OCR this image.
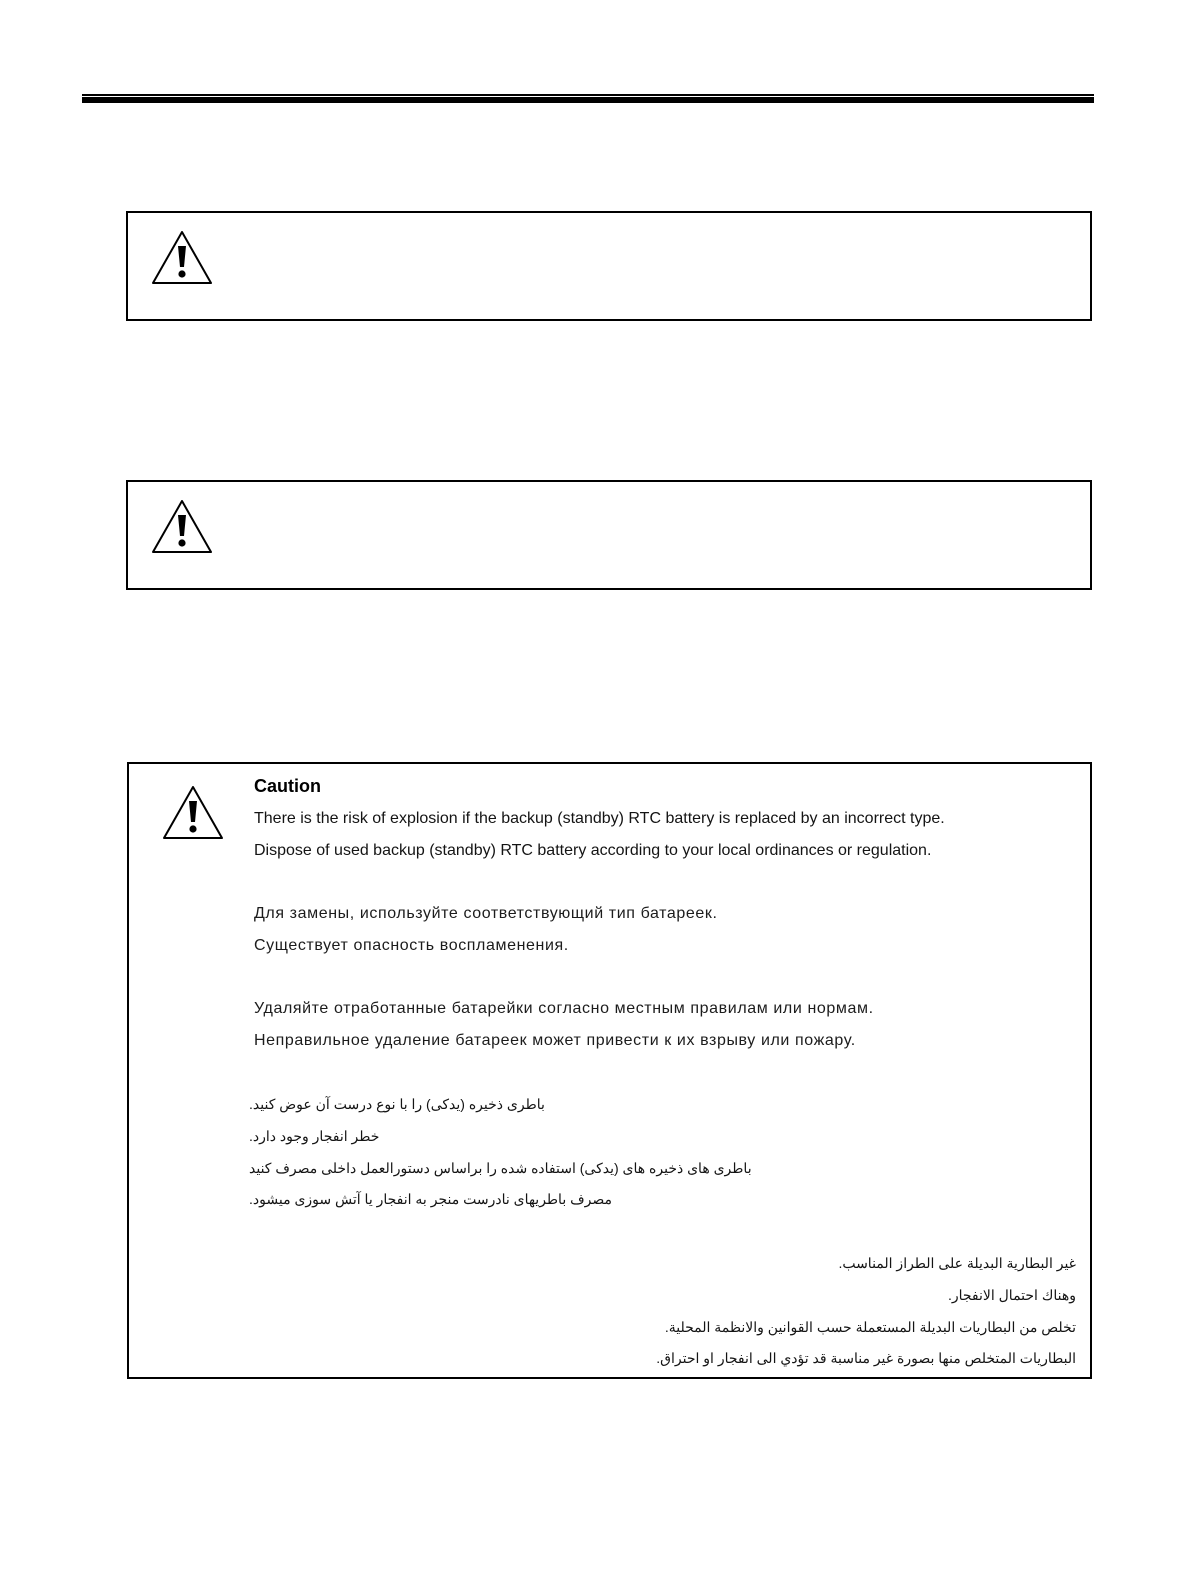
Caution
There is the risk of explosion if the backup (standby) RTC battery is replaced by an incorrect type.
Dispose of used backup (standby) RTC battery according to your local ordinances or regulation.
Для замены, используйте соответствующий тип батареек.
Существует опасность воспламенения.
Удаляйте отработанные батарейки согласно местным правилам или нормам.
Неправильное удаление батареек может привести к их взрыву или пожару.
باطری ذخیره (یدکی) را با نوع درست آن عوض کنید.
خطر انفجار وجود دارد.
باطری های ذخیره های (یدکی) استفاده شده را براساس دستورالعمل داخلی مصرف کنید
مصرف باطریهای نادرست منجر به انفجار یا آتش سوزی میشود.
غير البطارية البديلة على الطراز المناسب.
وهناك احتمال الانفجار.
تخلص من البطاريات البديلة المستعملة حسب القوانين والانظمة المحلية.
البطاريات المتخلص منها بصورة غير مناسبة قد تؤدي الى انفجار او احتراق.
